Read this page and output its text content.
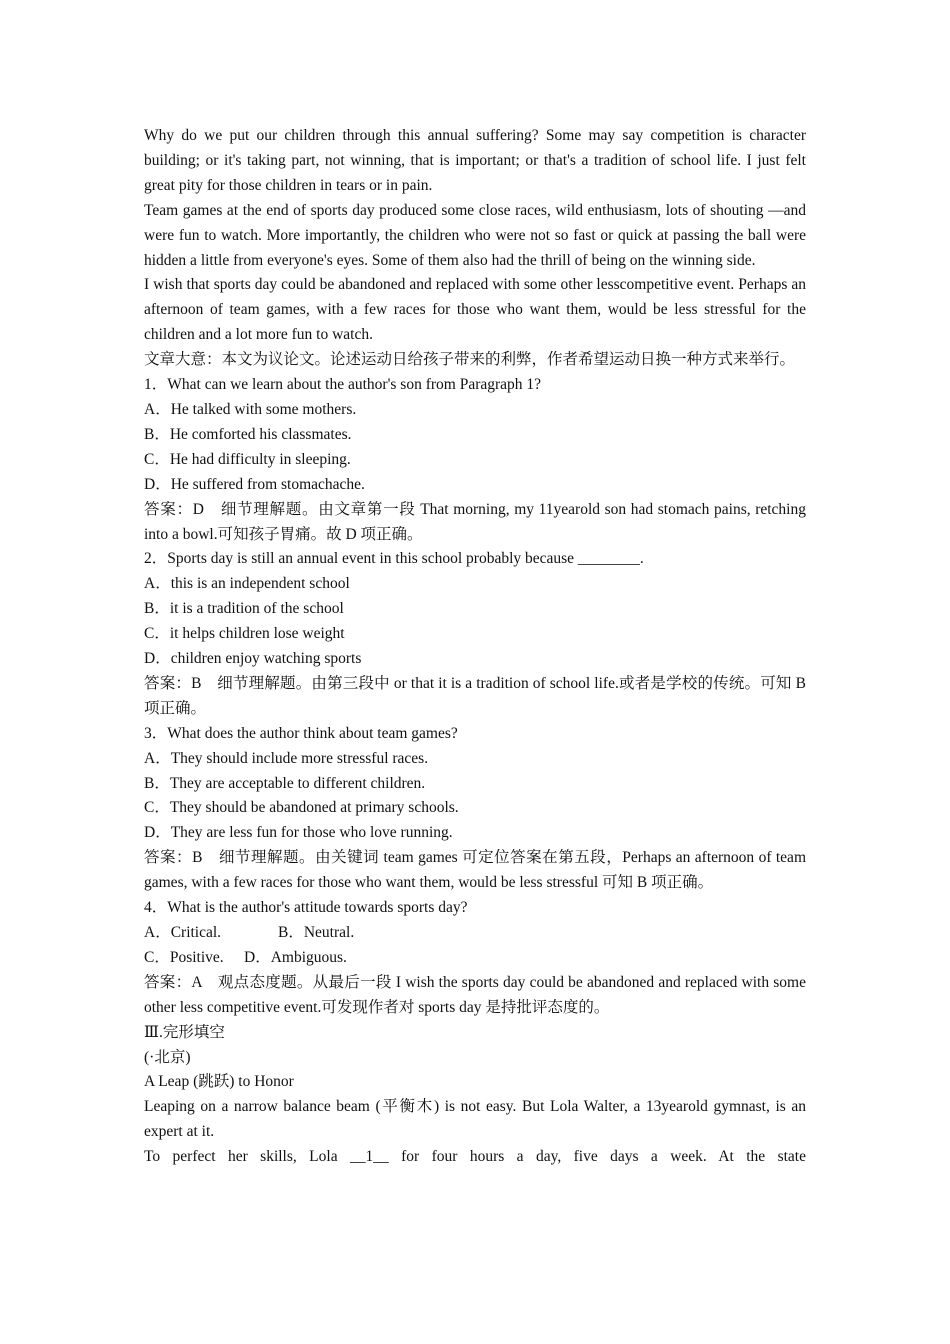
Why do we put our children through this annual suffering? Some may say competition is character building; or it's taking part, not winning, that is important; or that's a tradition of school life. I just felt great pity for those children in tears or in pain.

Team games at the end of sports day produced some close races, wild enthusiasm, lots of shouting —and were fun to watch. More importantly, the children who were not so fast or quick at passing the ball were hidden a little from everyone's eyes. Some of them also had the thrill of being on the winning side.

I wish that sports day could be abandoned and replaced with some other lesscompetitive event. Perhaps an afternoon of team games, with a few races for those who want them, would be less stressful for the children and a lot more fun to watch.

文章大意：本文为议论文。论述运动日给孩子带来的利弊，作者希望运动日换一种方式来举行。

1．What can we learn about the author's son from Paragraph 1?

A．He talked with some mothers.

B．He comforted his classmates.

C．He had difficulty in sleeping.

D．He suffered from stomachache.

答案：D　细节理解题。由文章第一段 That morning, my 11yearold son had stomach pains, retching into a bowl.可知孩子胃痛。故 D 项正确。

2．Sports day is still an annual event in this school probably because ________.

A．this is an independent school

B．it is a tradition of the school

C．it helps children lose weight

D．children enjoy watching sports

答案：B　细节理解题。由第三段中 or that it is a tradition of school life.或者是学校的传统。可知 B 项正确。

3．What does the author think about team games?

A．They should include more stressful races.

B．They are acceptable to different children.

C．They should be abandoned at primary schools.

D．They are less fun for those who love running.

答案：B　细节理解题。由关键词 team games 可定位答案在第五段，Perhaps an afternoon of team games, with a few races for those who want them, would be less stressful 可知 B 项正确。

4．What is the author's attitude towards sports day?

A．Critical.	B．Neutral.

C．Positive. D．Ambiguous.

答案：A　观点态度题。从最后一段 I wish the sports day could be abandoned and replaced with some other less competitive event.可发现作者对 sports day 是持批评态度的。

Ⅲ.完形填空

(·北京)

A Leap (跳跃) to Honor

Leaping on a narrow balance beam (平衡木) is not easy. But Lola Walter, a 13yearold gymnast, is an expert at it.

To perfect her skills, Lola __1__ for four hours a day, five days a week. At the state
